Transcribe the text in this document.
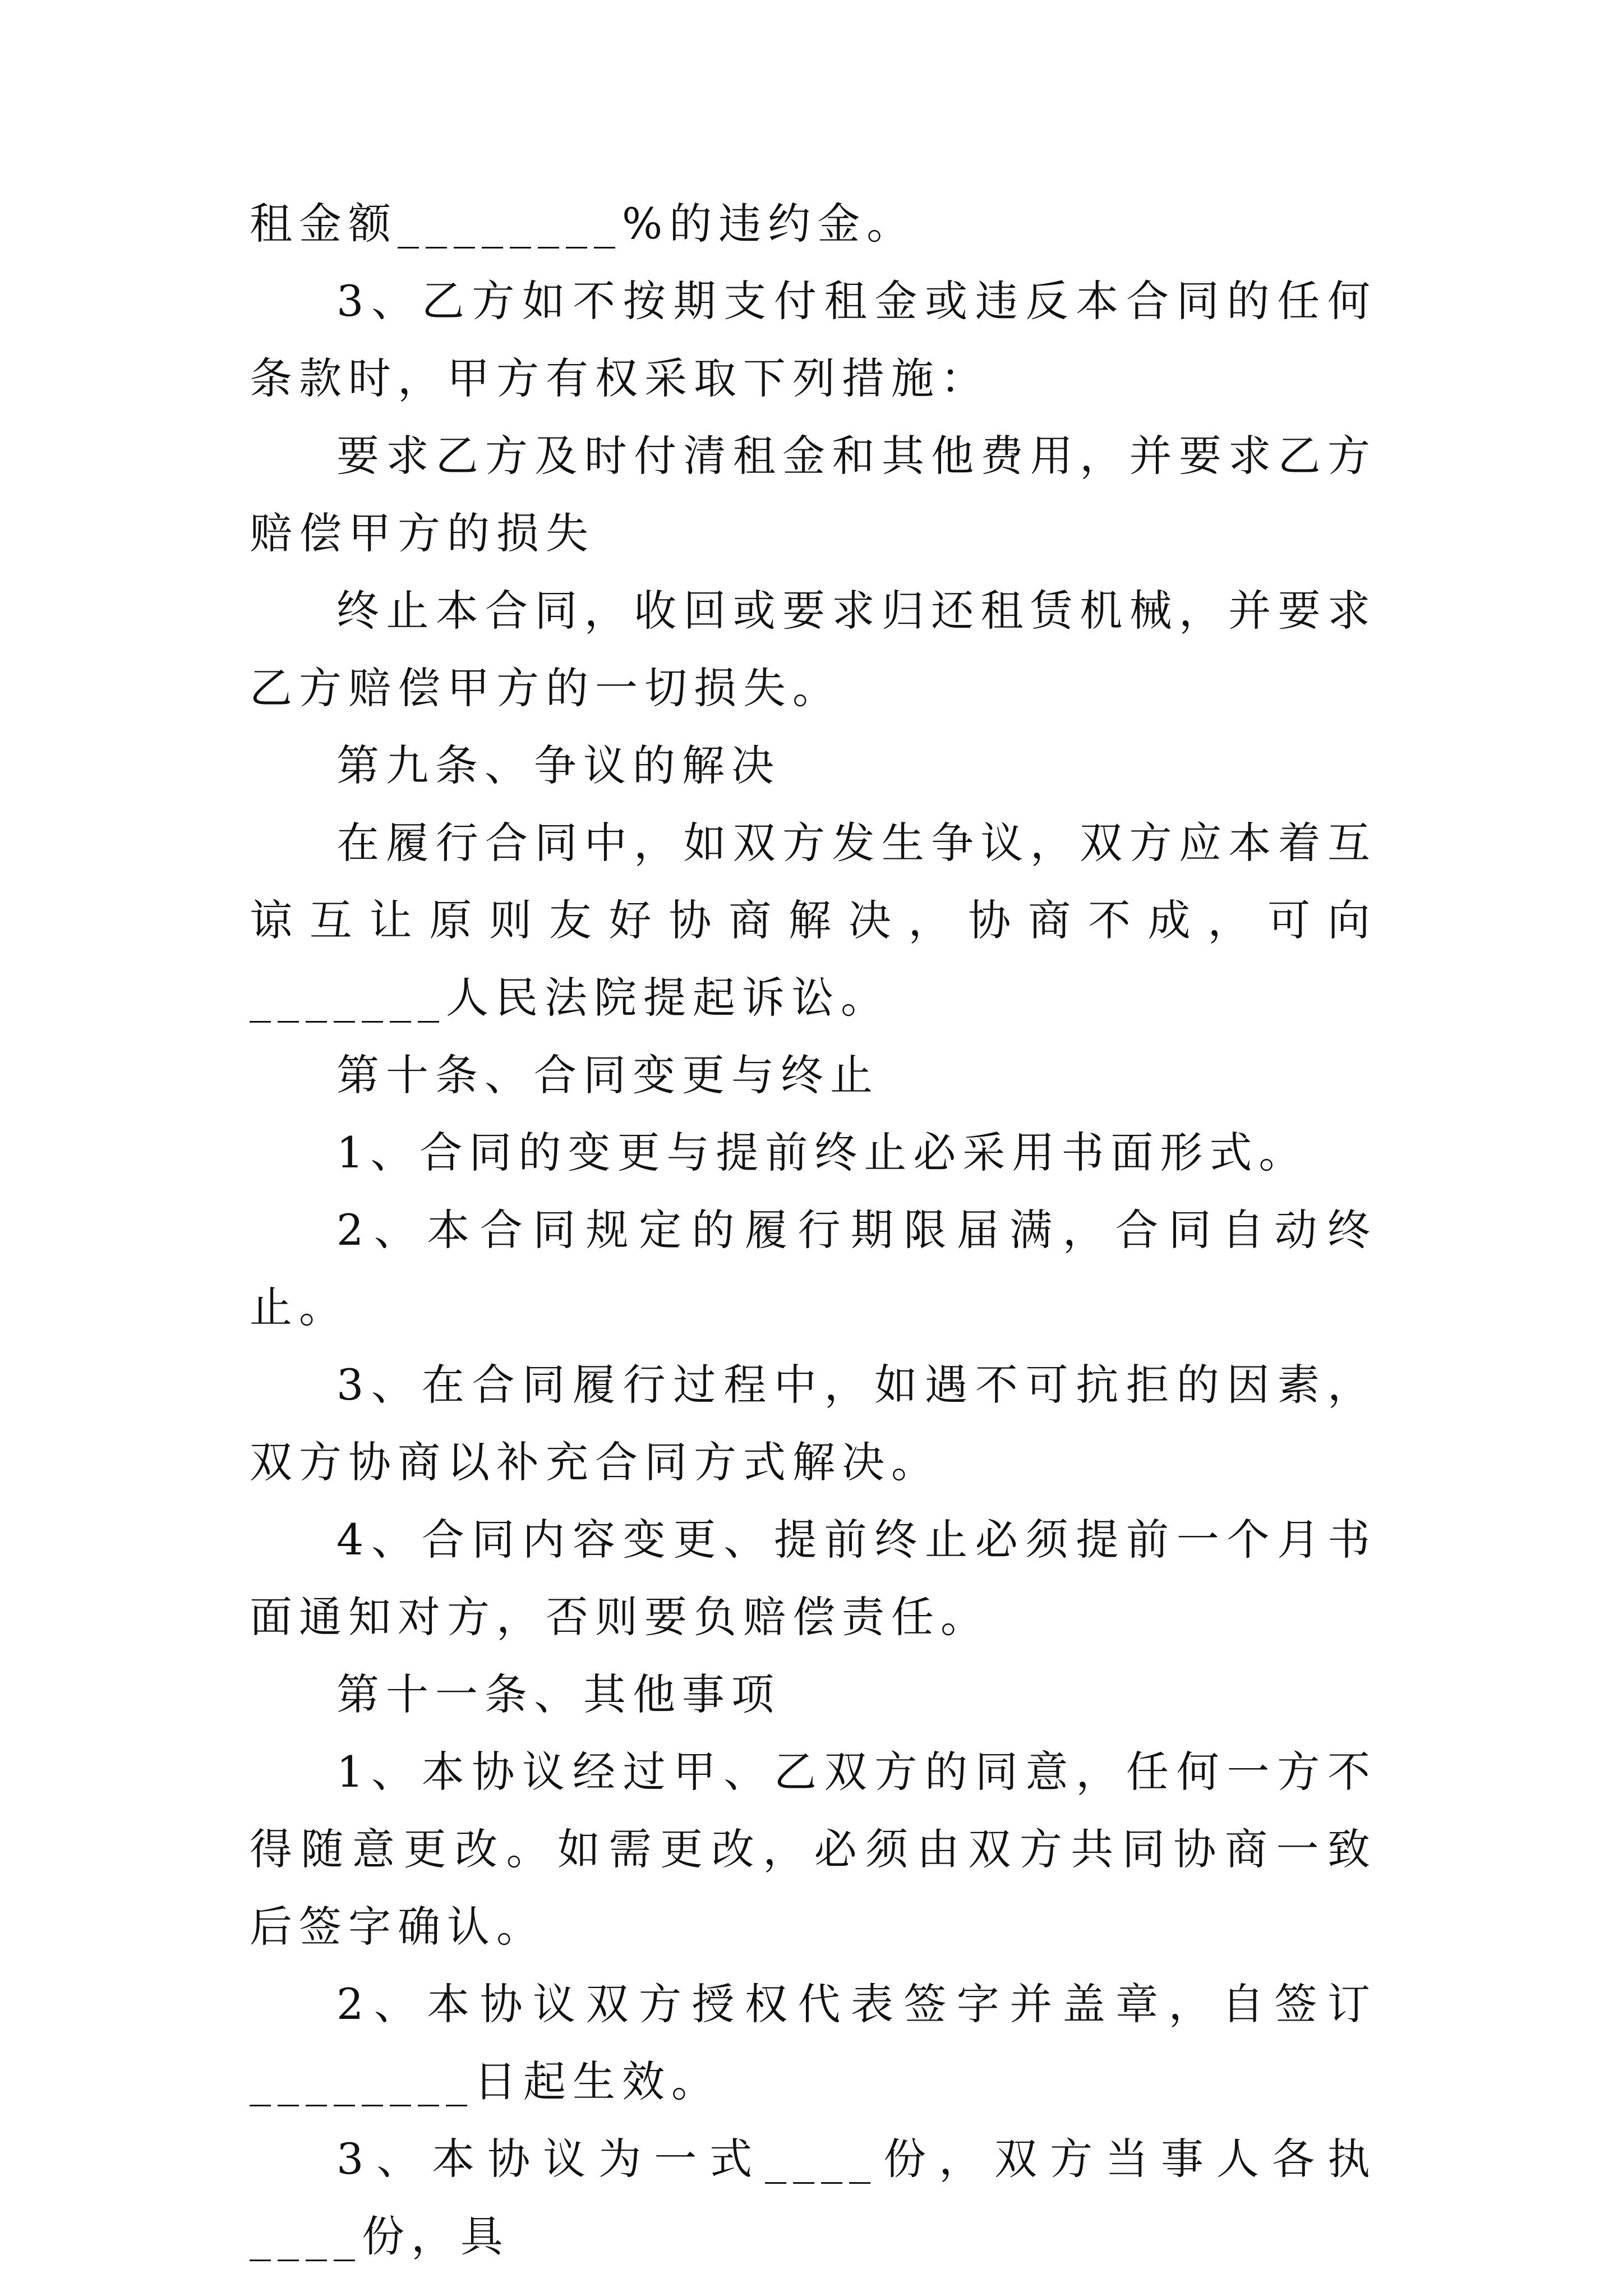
租金额________%的违约金。

3、乙方如不按期支付租金或违反本合同的任何条款时，甲方有权采取下列措施：

要求乙方及时付清租金和其他费用，并要求乙方赔偿甲方的损失

终止本合同，收回或要求归还租赁机械，并要求乙方赔偿甲方的一切损失。

第九条、争议的解决

在履行合同中，如双方发生争议，双方应本着互谅互让原则友好协商解决，协商不成，可向_______人民法院提起诉讼。

第十条、合同变更与终止

1、合同的变更与提前终止必采用书面形式。

2、本合同规定的履行期限届满，合同自动终止。

3、在合同履行过程中，如遇不可抗拒的因素，双方协商以补充合同方式解决。

4、合同内容变更、提前终止必须提前一个月书面通知对方，否则要负赔偿责任。

第十一条、其他事项

1、本协议经过甲、乙双方的同意，任何一方不得随意更改。如需更改，必须由双方共同协商一致后签字确认。

2、本协议双方授权代表签字并盖章，自签订________日起生效。

3、本协议为一式____份，双方当事人各执____份，具
